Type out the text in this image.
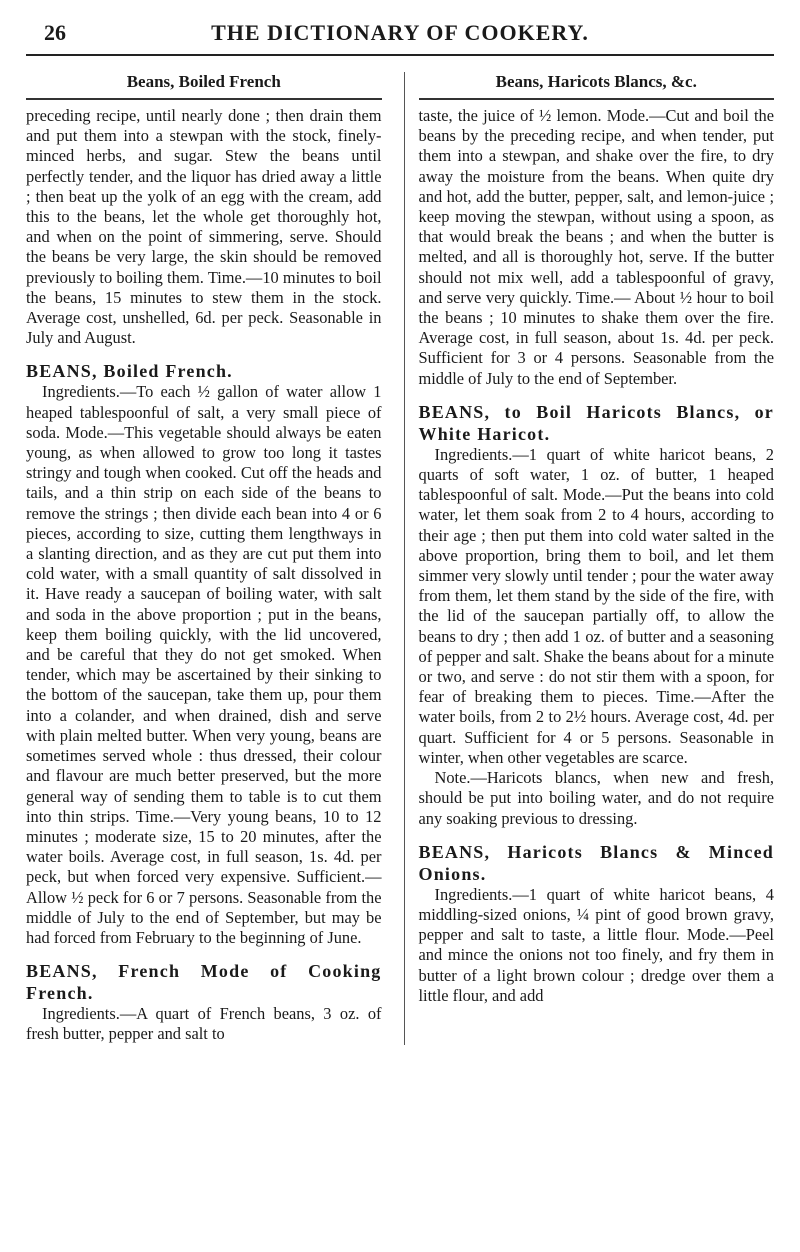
26	THE DICTIONARY OF COOKERY.
Beans, Boiled French

preceding recipe, until nearly done ; then drain them and put them into a stewpan with the stock, finely-minced herbs, and sugar. Stew the beans until perfectly tender, and the liquor has dried away a little ; then beat up the yolk of an egg with the cream, add this to the beans, let the whole get thoroughly hot, and when on the point of simmering, serve. Should the beans be very large, the skin should be removed previously to boiling them. Time.—10 minutes to boil the beans, 15 minutes to stew them in the stock. Average cost, unshelled, 6d. per peck. Seasonable in July and August.

BEANS, Boiled French.

Ingredients.—To each ½ gallon of water allow 1 heaped tablespoonful of salt, a very small piece of soda. Mode.—This vegetable should always be eaten young, as when allowed to grow too long it tastes stringy and tough when cooked. Cut off the heads and tails, and a thin strip on each side of the beans to remove the strings ; then divide each bean into 4 or 6 pieces, according to size, cutting them lengthways in a slanting direction, and as they are cut put them into cold water, with a small quantity of salt dissolved in it. Have ready a saucepan of boiling water, with salt and soda in the above proportion ; put in the beans, keep them boiling quickly, with the lid uncovered, and be careful that they do not get smoked. When tender, which may be ascertained by their sinking to the bottom of the saucepan, take them up, pour them into a colander, and when drained, dish and serve with plain melted butter. When very young, beans are sometimes served whole : thus dressed, their colour and flavour are much better preserved, but the more general way of sending them to table is to cut them into thin strips. Time.—Very young beans, 10 to 12 minutes ; moderate size, 15 to 20 minutes, after the water boils. Average cost, in full season, 1s. 4d. per peck, but when forced very expensive. Sufficient.—Allow ½ peck for 6 or 7 persons. Seasonable from the middle of July to the end of September, but may be had forced from February to the beginning of June.

BEANS, French Mode of Cooking French.

Ingredients.—A quart of French beans, 3 oz. of fresh butter, pepper and salt to

Beans, Haricots Blancs, &c.

taste, the juice of ½ lemon. Mode.—Cut and boil the beans by the preceding recipe, and when tender, put them into a stewpan, and shake over the fire, to dry away the moisture from the beans. When quite dry and hot, add the butter, pepper, salt, and lemon-juice ; keep moving the stewpan, without using a spoon, as that would break the beans ; and when the butter is melted, and all is thoroughly hot, serve. If the butter should not mix well, add a tablespoonful of gravy, and serve very quickly. Time.— About ½ hour to boil the beans ; 10 minutes to shake them over the fire. Average cost, in full season, about 1s. 4d. per peck. Sufficient for 3 or 4 persons. Seasonable from the middle of July to the end of September.

BEANS, to Boil Haricots Blancs, or White Haricot.

Ingredients.—1 quart of white haricot beans, 2 quarts of soft water, 1 oz. of butter, 1 heaped tablespoonful of salt. Mode.—Put the beans into cold water, let them soak from 2 to 4 hours, according to their age ; then put them into cold water salted in the above proportion, bring them to boil, and let them simmer very slowly until tender ; pour the water away from them, let them stand by the side of the fire, with the lid of the saucepan partially off, to allow the beans to dry ; then add 1 oz. of butter and a seasoning of pepper and salt. Shake the beans about for a minute or two, and serve : do not stir them with a spoon, for fear of breaking them to pieces. Time.—After the water boils, from 2 to 2½ hours. Average cost, 4d. per quart. Sufficient for 4 or 5 persons. Seasonable in winter, when other vegetables are scarce.

Note.—Haricots blancs, when new and fresh, should be put into boiling water, and do not require any soaking previous to dressing.

BEANS, Haricots Blancs & Minced Onions.

Ingredients.—1 quart of white haricot beans, 4 middling-sized onions, ¼ pint of good brown gravy, pepper and salt to taste, a little flour. Mode.—Peel and mince the onions not too finely, and fry them in butter of a light brown colour ; dredge over them a little flour, and add
